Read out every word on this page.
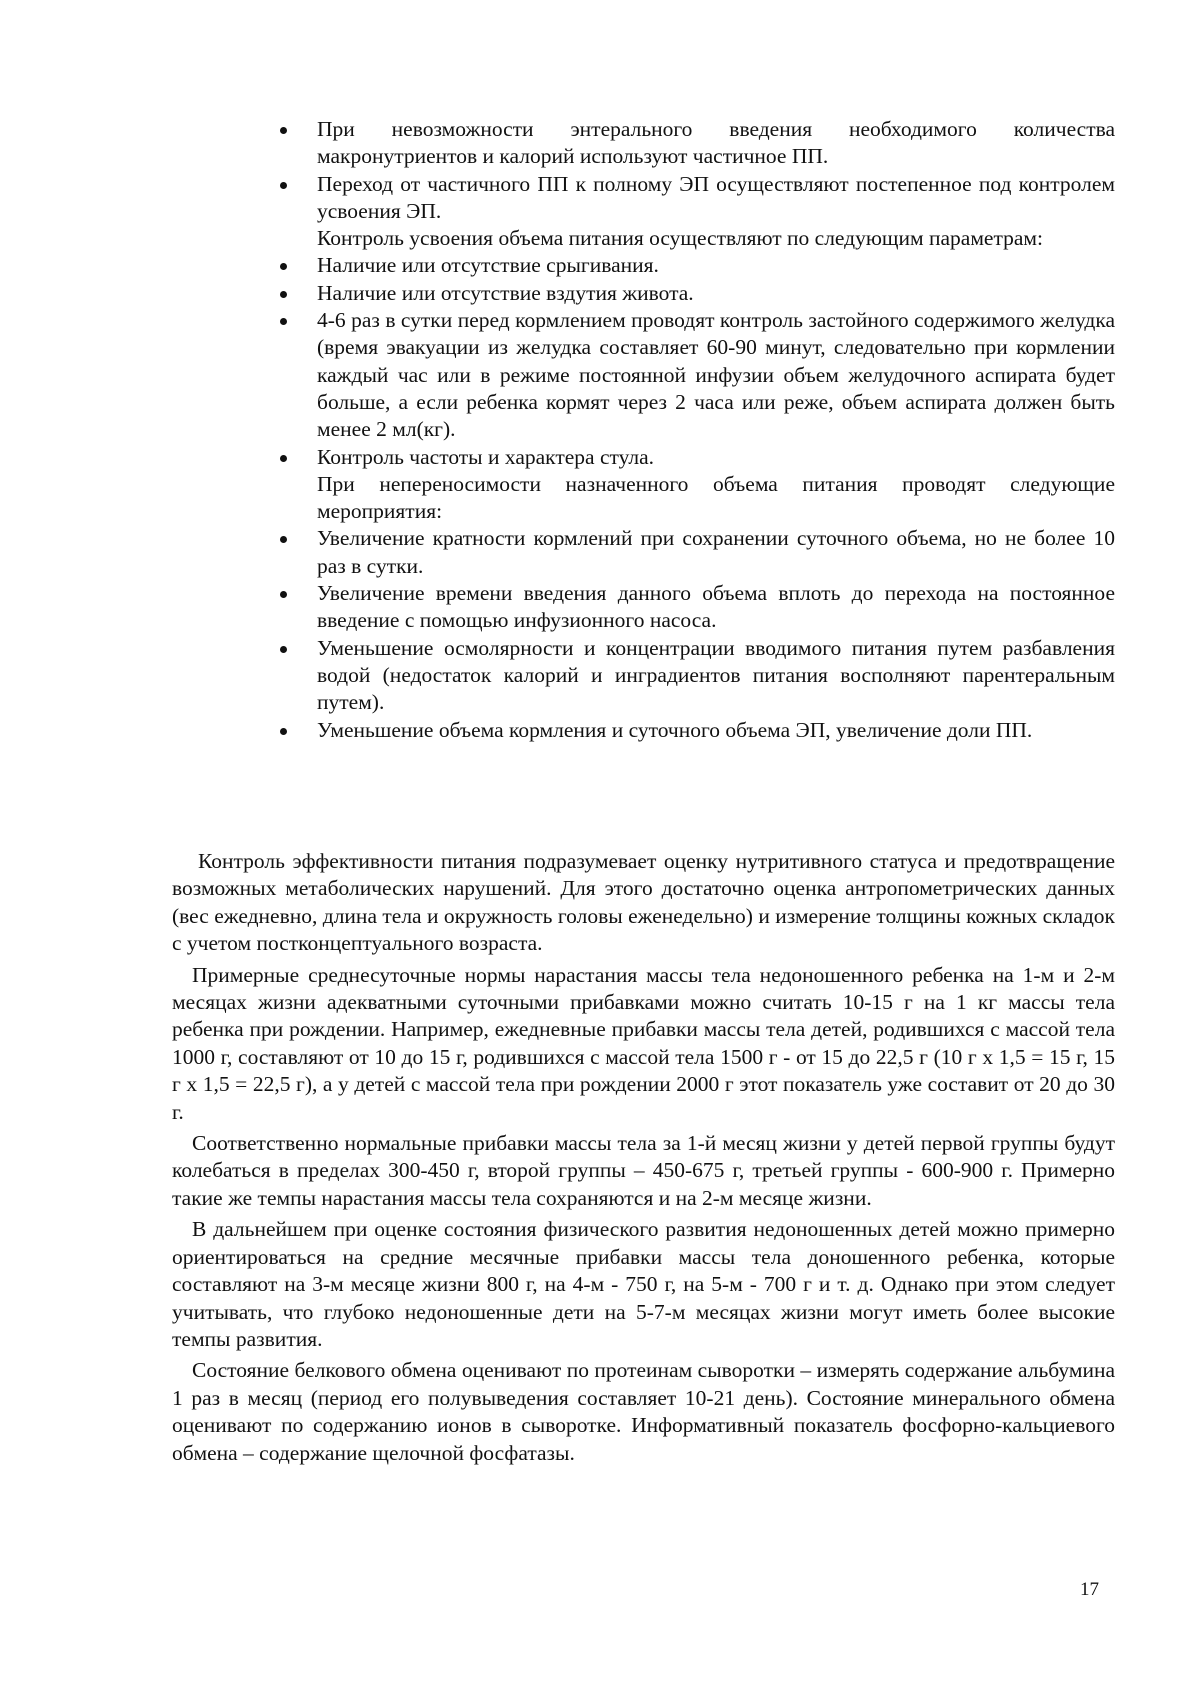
При невозможности энтерального введения необходимого количества макронутриентов и калорий используют частичное ПП.
Переход от частичного ПП к полному ЭП осуществляют постепенное под контролем усвоения ЭП.
Контроль усвоения объема питания осуществляют по следующим параметрам:
Наличие или отсутствие срыгивания.
Наличие или отсутствие вздутия живота.
4-6 раз в сутки перед кормлением проводят контроль застойного содержимого желудка (время эвакуации из желудка составляет 60-90 минут, следовательно при кормлении каждый час или в режиме постоянной инфузии объем желудочного аспирата будет больше, а если ребенка кормят через 2 часа или реже, объем аспирата должен быть менее 2 мл(кг).
Контроль частоты и характера стула.
При непереносимости назначенного объема питания проводят следующие мероприятия:
Увеличение кратности кормлений при сохранении суточного объема, но не более 10 раз в сутки.
Увеличение времени введения данного объема вплоть до перехода на постоянное введение с помощью инфузионного насоса.
Уменьшение осмолярности и концентрации вводимого питания путем разбавления водой (недостаток калорий и инградиентов питания восполняют парентеральным путем).
Уменьшение объема кормления и суточного объема ЭП, увеличение доли ПП.

Контроль эффективности питания подразумевает оценку нутритивного статуса и предотвращение возможных метаболических нарушений. Для этого достаточно оценка антропометрических данных (вес ежедневно, длина тела и окружность головы еженедельно) и измерение толщины кожных складок с учетом постконцептуального возраста.

Примерные среднесуточные нормы нарастания массы тела недоношенного ребенка на 1-м и 2-м месяцах жизни адекватными суточными прибавками можно считать 10-15 г на 1 кг массы тела ребенка при рождении. Например, ежедневные прибавки массы тела детей, родившихся с массой тела 1000 г, составляют от 10 до 15 г, родившихся с массой тела 1500 г - от 15 до 22,5 г (10 г х 1,5 = 15 г, 15 г х 1,5 = 22,5 г), а у детей с массой тела при рождении 2000 г этот показатель уже составит от 20 до 30 г.

Соответственно нормальные прибавки массы тела за 1-й месяц жизни у детей первой группы будут колебаться в пределах 300-450 г, второй группы – 450-675 г, третьей группы - 600-900 г. Примерно такие же темпы нарастания массы тела сохраняются и на 2-м месяце жизни.

В дальнейшем при оценке состояния физического развития недоношенных детей можно примерно ориентироваться на средние месячные прибавки массы тела доношенного ребенка, которые составляют на 3-м месяце жизни 800 г, на 4-м - 750 г, на 5-м - 700 г и т. д. Однако при этом следует учитывать, что глубоко недоношенные дети на 5-7-м месяцах жизни могут иметь более высокие темпы развития.

Состояние белкового обмена оценивают по протеинам сыворотки – измерять содержание альбумина 1 раз в месяц (период его полувыведения составляет 10-21 день). Состояние минерального обмена оценивают по содержанию ионов в сыворотке. Информативный показатель фосфорно-кальциевого обмена – содержание щелочной фосфатазы.

17
